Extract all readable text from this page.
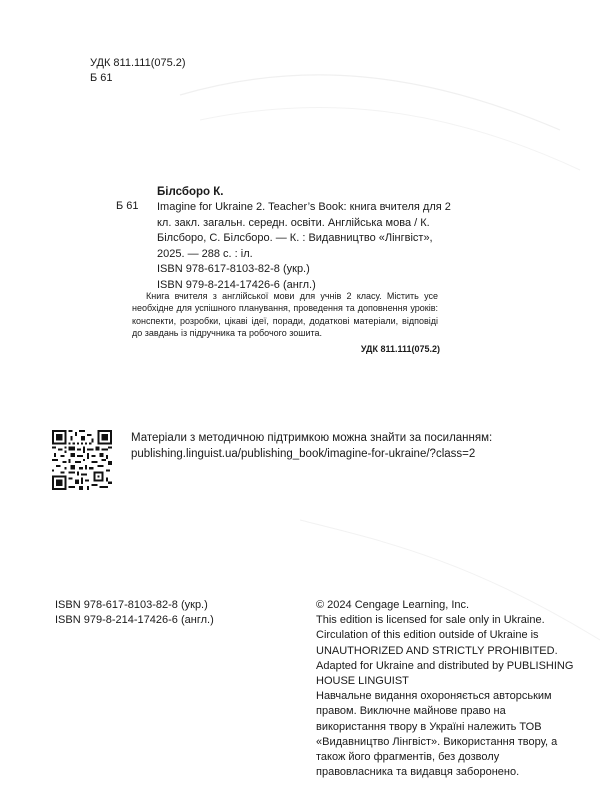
УДК 811.111(075.2)
Б 61
Білсборо К.
Б 61 Imagine for Ukraine 2. Teacher’s Book: книга вчителя для 2 кл. закл. загальн. середн. освіти. Англійська мова / К. Білсборо, С. Білсборо. — К. : Видавництво «Лінгвіст», 2025. — 288 с. : іл.
ISBN 978-617-8103-82-8 (укр.)
ISBN 979-8-214-17426-6 (англ.)
Книга вчителя з англійської мови для учнів 2 класу. Містить усе необхідне для успішного планування, проведення та доповнення уроків: конспекти, розробки, цікаві ідеї, поради, додаткові матеріали, відповіді до завдань із підручника та робочого зошита.
УДК 811.111(075.2)
Матеріали з методичною підтримкою можна знайти за посиланням:
publishing.linguist.ua/publishing_book/imagine-for-ukraine/?class=2
ISBN 978-617-8103-82-8 (укр.)
ISBN 979-8-214-17426-6 (англ.)
© 2024 Cengage Learning, Inc.
This edition is licensed for sale only in Ukraine.
Circulation of this edition outside of Ukraine is UNAUTHORIZED AND STRICTLY PROHIBITED.
Adapted for Ukraine and distributed by PUBLISHING HOUSE LINGUIST
Навчальне видання охороняється авторським правом. Виключне майнове право на використання твору в Україні належить ТОВ «Видавництво Лінгвіст». Використання твору, а також його фрагментів, без дозволу правовласника та видавця заборонено.
